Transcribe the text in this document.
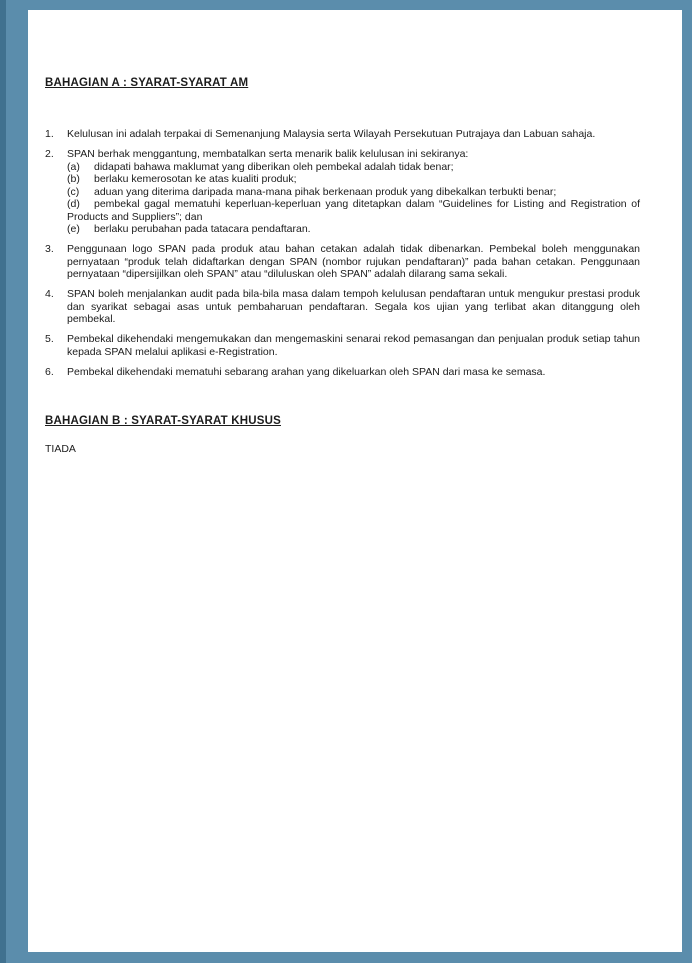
BAHAGIAN A : SYARAT-SYARAT AM
1.	Kelulusan ini adalah terpakai di Semenanjung Malaysia serta Wilayah Persekutuan Putrajaya dan Labuan sahaja.
2.	SPAN berhak menggantung, membatalkan serta menarik balik kelulusan ini sekiranya:
(a) didapati bahawa maklumat yang diberikan oleh pembekal adalah tidak benar;
(b) berlaku kemerosotan ke atas kualiti produk;
(c) aduan yang diterima daripada mana-mana pihak berkenaan produk yang dibekalkan terbukti benar;
(d) pembekal gagal mematuhi keperluan-keperluan yang ditetapkan dalam “Guidelines for Listing and Registration of Products and Suppliers”; dan
(e) berlaku perubahan pada tatacara pendaftaran.
3.	Penggunaan logo SPAN pada produk atau bahan cetakan adalah tidak dibenarkan. Pembekal boleh menggunakan pernyataan “produk telah didaftarkan dengan SPAN (nombor rujukan pendaftaran)” pada bahan cetakan. Penggunaan pernyataan “dipersijilkan oleh SPAN” atau “diluluskan oleh SPAN” adalah dilarang sama sekali.
4.	SPAN boleh menjalankan audit pada bila-bila masa dalam tempoh kelulusan pendaftaran untuk mengukur prestasi produk dan syarikat sebagai asas untuk pembaharuan pendaftaran. Segala kos ujian yang terlibat akan ditanggung oleh pembekal.
5.	Pembekal dikehendaki mengemukakan dan mengemaskini senarai rekod pemasangan dan penjualan produk setiap tahun kepada SPAN melalui aplikasi e-Registration.
6.	Pembekal dikehendaki mematuhi sebarang arahan yang dikeluarkan oleh SPAN dari masa ke semasa.
BAHAGIAN B : SYARAT-SYARAT KHUSUS
TIADA
